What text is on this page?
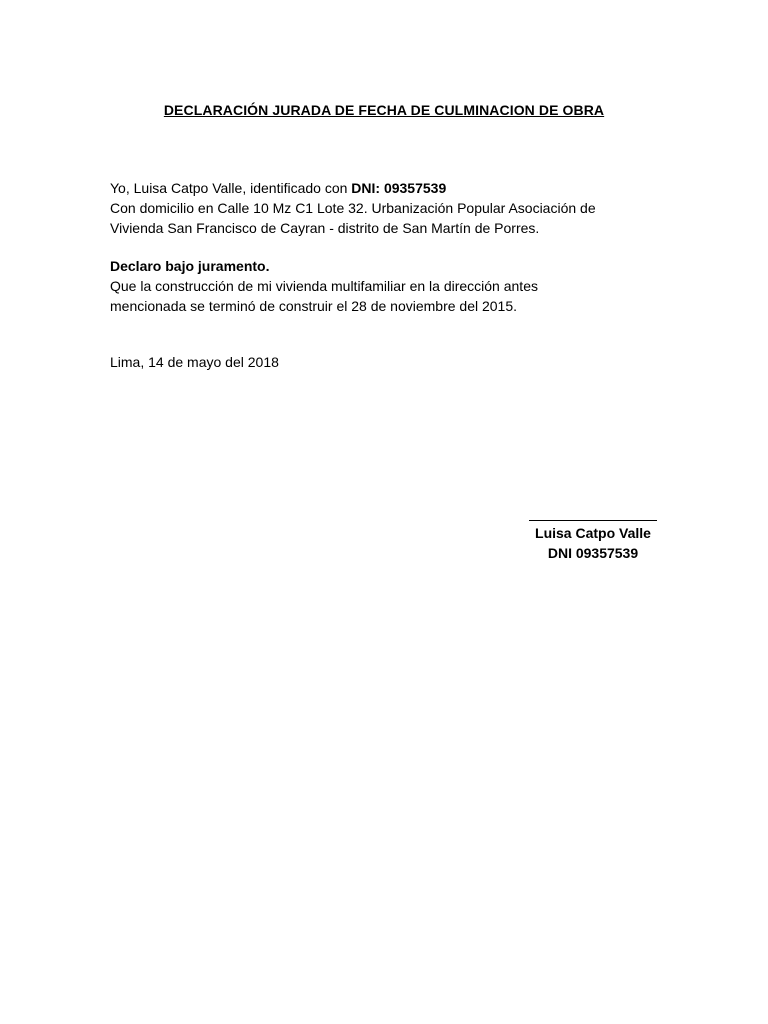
DECLARACIÓN JURADA DE FECHA DE CULMINACION DE OBRA
Yo, Luisa Catpo Valle, identificado con DNI: 09357539
Con domicilio en Calle 10 Mz C1 Lote 32. Urbanización Popular Asociación de
Vivienda San Francisco de Cayran - distrito de San Martín de Porres.
Declaro bajo juramento.
Que la construcción de mi vivienda multifamiliar en la dirección antes
mencionada se terminó de construir el 28 de noviembre del 2015.
Lima, 14 de mayo del 2018
Luisa Catpo Valle
DNI 09357539
